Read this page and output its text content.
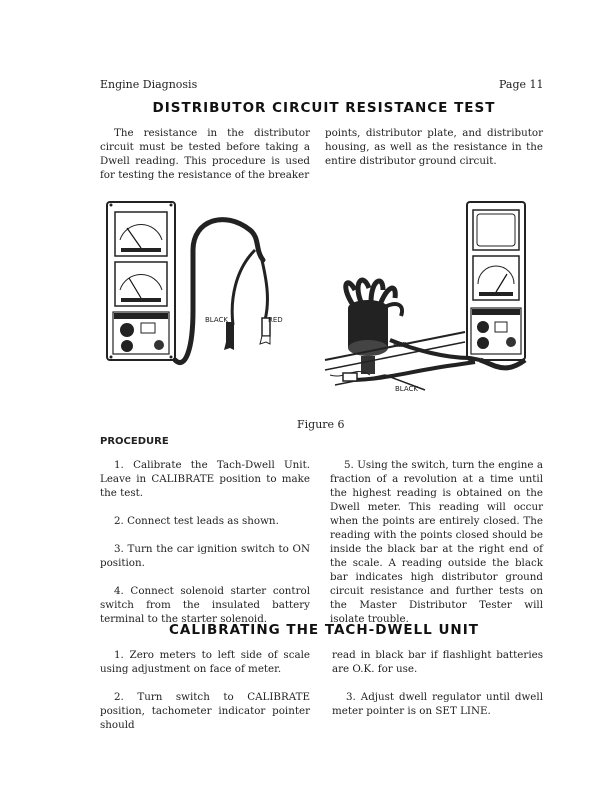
Engine Diagnosis	Page 11
DISTRIBUTOR CIRCUIT RESISTANCE TEST

The resistance in the distributor circuit must be tested before taking a Dwell reading. This procedure is used for testing the resistance of the breaker

points, distributor plate, and distributor housing, as well as the resistance in the entire distributor ground circuit.

BLACK	RED
RED
BLACK
Figure 6
PROCEDURE

1. Calibrate the Tach-Dwell Unit. Leave in CALIBRATE position to make the test.

2. Connect test leads as shown.

3. Turn the car ignition switch to ON position.

4. Connect solenoid starter control switch from the insulated battery terminal to the starter solenoid.

5. Using the switch, turn the engine a fraction of a revolution at a time until the highest reading is obtained on the Dwell meter. This reading will occur when the points are entirely closed. The reading with the points closed should be inside the black bar at the right end of the scale. A reading outside the black bar indicates high distributor ground circuit resistance and further tests on the Master Distributor Tester will isolate trouble.

CALIBRATING THE TACH-DWELL UNIT

1. Zero meters to left side of scale using adjustment on face of meter.

2. Turn switch to CALIBRATE position, tachometer indicator pointer should

read in black bar if flashlight batteries are O.K. for use.

3. Adjust dwell regulator until dwell meter pointer is on SET LINE.
